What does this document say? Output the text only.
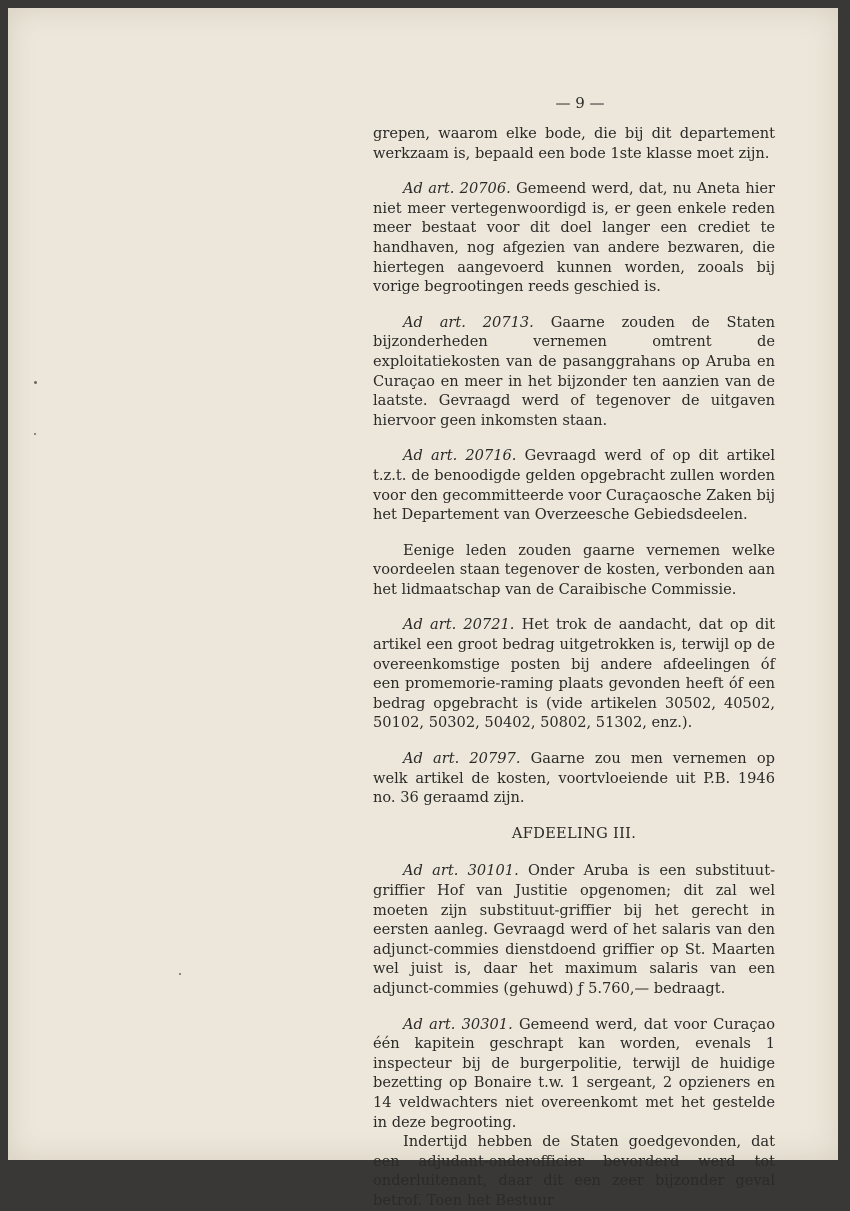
— 9 —

grepen, waarom elke bode, die bij dit departement werkzaam is, bepaald een bode 1ste klasse moet zijn.

Ad art. 20706. Gemeend werd, dat, nu Aneta hier niet meer vertegenwoordigd is, er geen enkele reden meer bestaat voor dit doel langer een crediet te handhaven, nog afgezien van andere bezwaren, die hiertegen aangevoerd kunnen worden, zooals bij vorige begrootingen reeds geschied is.

Ad art. 20713. Gaarne zouden de Staten bijzonderheden vernemen omtrent de exploitatiekosten van de pasanggrahans op Aruba en Curaçao en meer in het bijzonder ten aanzien van de laatste. Gevraagd werd of tegenover de uitgaven hiervoor geen inkomsten staan.

Ad art. 20716. Gevraagd werd of op dit artikel t.z.t. de benoodigde gelden opgebracht zullen worden voor den gecommitteerde voor Curaçaosche Zaken bij het Departement van Overzeesche Gebiedsdeelen.

Eenige leden zouden gaarne vernemen welke voordeelen staan tegenover de kosten, verbonden aan het lidmaatschap van de Caraibische Commissie.

Ad art. 20721. Het trok de aandacht, dat op dit artikel een groot bedrag uitgetrokken is, terwijl op de overeenkomstige posten bij andere afdeelingen óf een promemorie-raming plaats gevonden heeft óf een bedrag opgebracht is (vide artikelen 30502, 40502, 50102, 50302, 50402, 50802, 51302, enz.).

Ad art. 20797. Gaarne zou men vernemen op welk artikel de kosten, voortvloeiende uit P.B. 1946 no. 36 geraamd zijn.

AFDEELING III.

Ad art. 30101. Onder Aruba is een substituut-griffier Hof van Justitie opgenomen; dit zal wel moeten zijn substituut-griffier bij het gerecht in eersten aanleg. Gevraagd werd of het salaris van den adjunct-commies dienstdoend griffier op St. Maarten wel juist is, daar het maximum salaris van een adjunct-commies (gehuwd) ƒ 5.760,— bedraagt.

Ad art. 30301. Gemeend werd, dat voor Curaçao één kapitein geschrapt kan worden, evenals 1 inspecteur bij de burgerpolitie, terwijl de huidige bezetting op Bonaire t.w. 1 sergeant, 2 opzieners en 14 veldwachters niet overeenkomt met het gestelde in deze begrooting.

Indertijd hebben de Staten goedgevonden, dat een adjudant-onderofficier bevorderd werd tot onderluitenant, daar dit een zeer bijzonder geval betrof. Toen het Bestuur
